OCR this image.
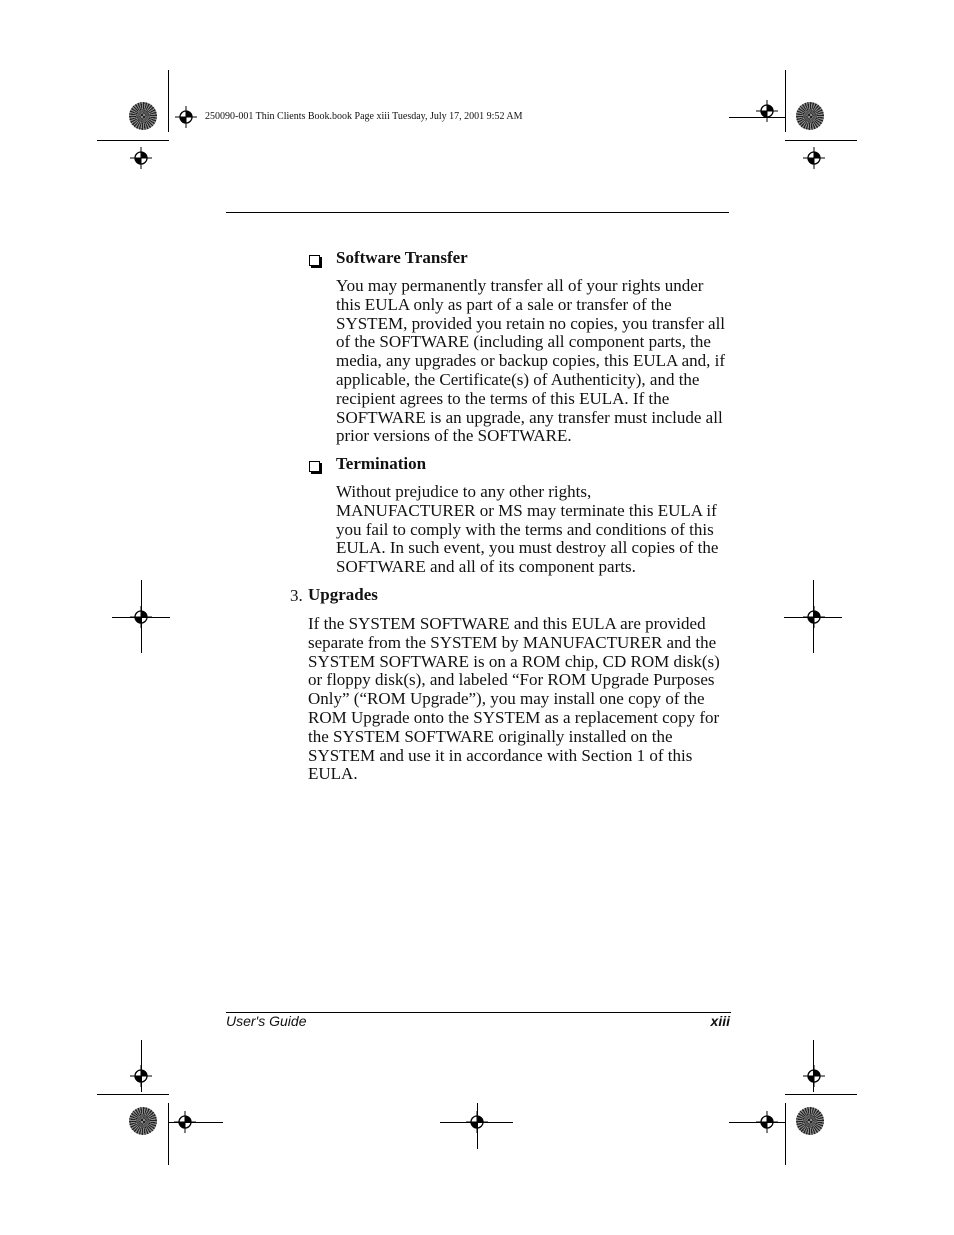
250090-001 Thin Clients Book.book Page xiii Tuesday, July 17, 2001 9:52 AM
Software Transfer
You may permanently transfer all of your rights under
this EULA only as part of a sale or transfer of the
SYSTEM, provided you retain no copies, you transfer all
of the SOFTWARE (including all component parts, the
media, any upgrades or backup copies, this EULA and, if
applicable, the Certificate(s) of Authenticity), and the
recipient agrees to the terms of this EULA. If the
SOFTWARE is an upgrade, any transfer must include all
prior versions of the SOFTWARE.
Termination
Without prejudice to any other rights,
MANUFACTURER or MS may terminate this EULA if
you fail to comply with the terms and conditions of this
EULA. In such event, you must destroy all copies of the
SOFTWARE and all of its component parts.
3. Upgrades
If the SYSTEM SOFTWARE and this EULA are provided
separate from the SYSTEM by MANUFACTURER and the
SYSTEM SOFTWARE is on a ROM chip, CD ROM disk(s)
or floppy disk(s), and labeled “For ROM Upgrade Purposes
Only” (“ROM Upgrade”), you may install one copy of the
ROM Upgrade onto the SYSTEM as a replacement copy for
the SYSTEM SOFTWARE originally installed on the
SYSTEM and use it in accordance with Section 1 of this
EULA.
User's Guide	xiii
